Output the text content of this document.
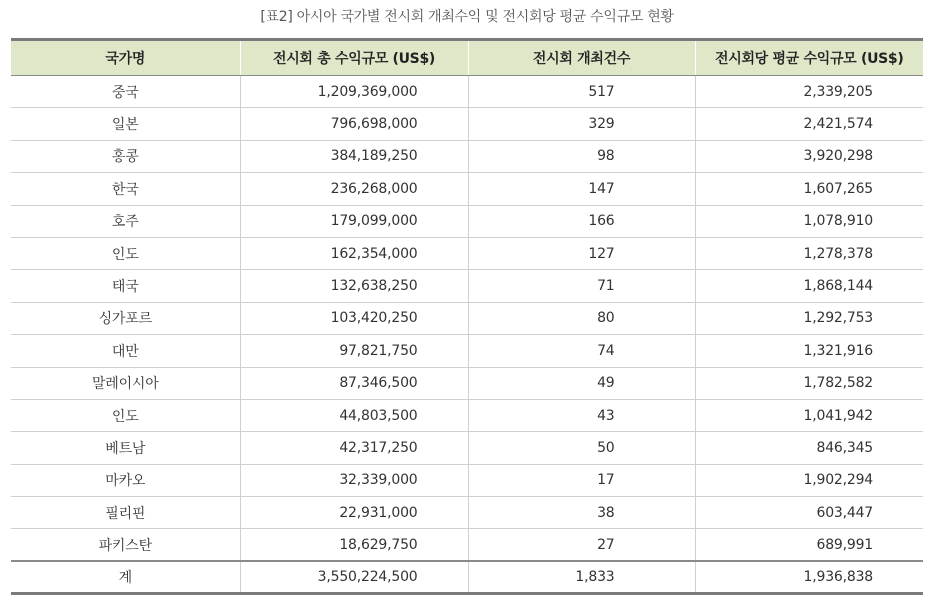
[표2] 아시아 국가별 전시회 개최수익 및 전시회당 평균 수익규모 현황
국가명	전시회 총 수익규모 (US$)	전시회 개최건수	전시회당 평균 수익규모 (US$)
중국	1,209,369,000	517	2,339,205
일본	796,698,000	329	2,421,574
홍콩	384,189,250	98	3,920,298
한국	236,268,000	147	1,607,265
호주	179,099,000	166	1,078,910
인도	162,354,000	127	1,278,378
태국	132,638,250	71	1,868,144
싱가포르	103,420,250	80	1,292,753
대만	97,821,750	74	1,321,916
말레이시아	87,346,500	49	1,782,582
인도	44,803,500	43	1,041,942
베트남	42,317,250	50	846,345
마카오	32,339,000	17	1,902,294
필리핀	22,931,000	38	603,447
파키스탄	18,629,750	27	689,991
계	3,550,224,500	1,833	1,936,838
